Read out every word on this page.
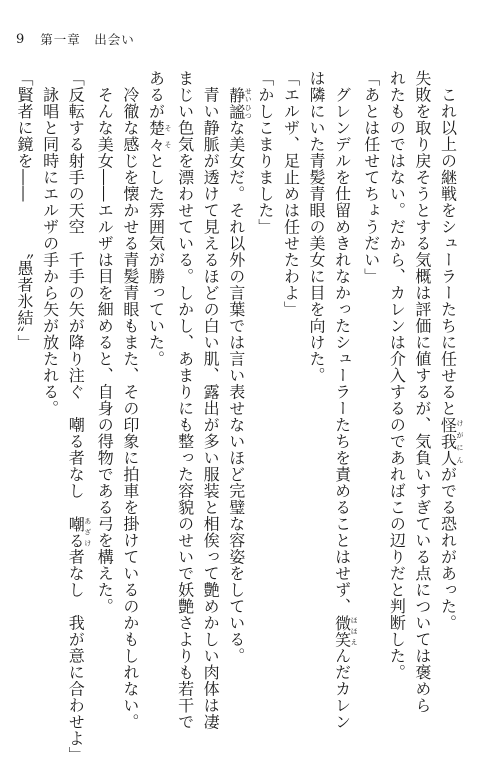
9 第一章　出会い
　これ以上の継戦をシューラーたちに任せると怪我人けがにんがでる恐れがあった。
失敗を取り戻そうとする気概は評価に値するが、気負いすぎている点については褒めら
れたものではない。だから、カレンは介入するのであればこの辺りだと判断した。
「あとは任せてちょうだい」
　グレンデルを仕留めきれなかったシューラーたちを責めることはせず、微笑ほほえんだカレン
は隣にいた青髪青眼の美女に目を向けた。
「エルザ、足止めは任せたわよ」
「かしこまりました」
　静謐せいひつな美女だ。それ以外の言葉では言い表せないほど完璧な容姿をしている。
　青い静脈が透けて見えるほどの白い肌、露出が多い服装と相俟って艶めかしい肉体は凄
まじい色気を漂わせている。しかし、あまりにも整った容貌のせいで妖艶さよりも若干で
あるが楚々そそとした雰囲気が勝っていた。
　冷徹な感じを懐かせる青髪青眼もまた、その印象に拍車を掛けているのかもしれない。
　そんな美女――エルザは目を細めると、自身の得物である弓を構えた。
「反転する射手の天空　千手の矢が降り注ぐ　嘲る者なし　嘲るあざけ者なし　我が意に合わせよ」
　詠唱と同時にエルザの手から矢が放たれる。
「賢者に鏡を――　　　〝愚者氷結〟」
